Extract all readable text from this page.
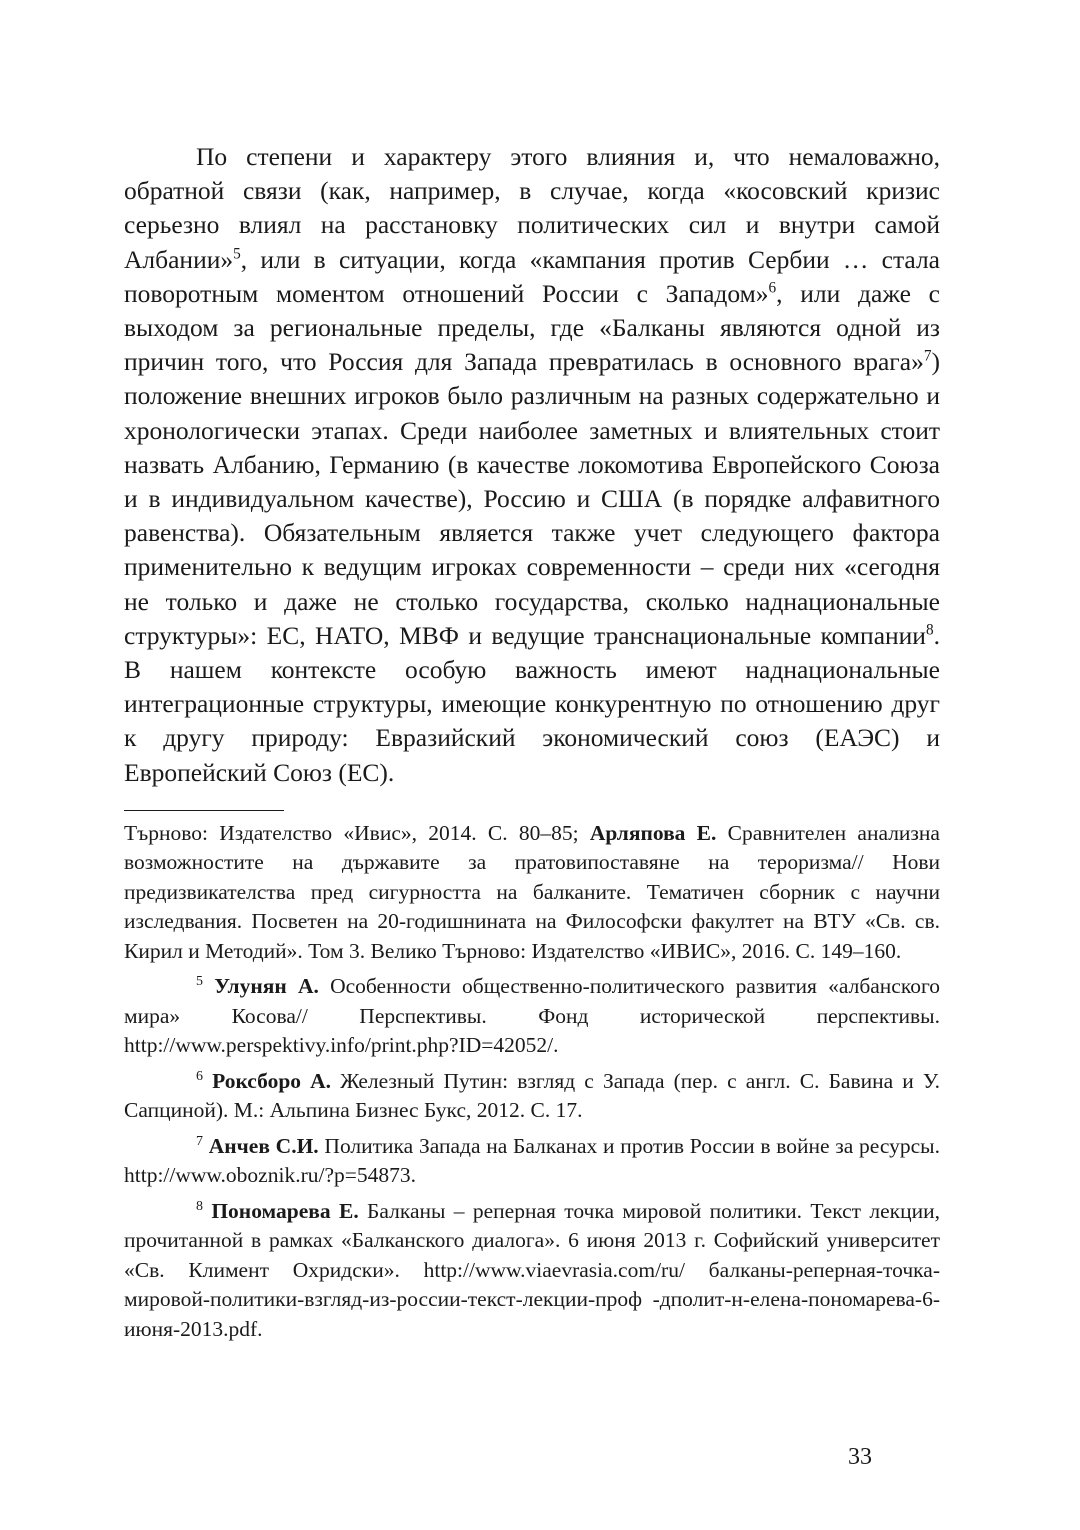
По степени и характеру этого влияния и, что немаловажно, обратной связи (как, например, в случае, когда «косовский кризис серьезно влиял на расстановку политических сил и внутри самой Албании»$^5$, или в ситуации, когда «кампания против Сербии … стала поворотным моментом отношений России с Западом»$^6$, или даже с выходом за региональные пределы, где «Балканы являются одной из причин того, что Россия для Запада превратилась в основного врага»$^7$) положение внешних игроков было различным на разных содержательно и хронологически этапах. Среди наиболее заметных и влиятельных стоит назвать Албанию, Германию (в качестве локомотива Европейского Союза и в индивидуальном качестве), Россию и США (в порядке алфавитного равенства). Обязательным является также учет следующего фактора применительно к ведущим игроках современности – среди них «сегодня не только и даже не столько государства, сколько наднациональные структуры»: ЕС, НАТО, МВФ и ведущие транснациональные компании$^8$. В нашем контексте особую важность имеют наднациональные интеграционные структуры, имеющие конкурентную по отношению друг к другу природу: Евразийский экономический союз (ЕАЭС) и Европейский Союз (ЕС).

Търново: Издателство «Ивис», 2014. С. 80–85; Арляпова Е. Сравнителен анализна возможностите на държавите за пратовипоставяне на тероризма// Нови предизвикателства пред сигурността на балканите. Тематичен сборник с научни изследвания. Посветен на 20-годишнината на Философски факултет на ВТУ «Св. св. Кирил и Методий». Том 3. Велико Търново: Издателство «ИВИС», 2016. С. 149–160.

$^5$ Улунян А. Особенности общественно-политического развития «албанского мира» Косова// Перспективы. Фонд исторической перспективы. http://www.perspektivy.info/print.php?ID=42052/.

$^6$ Роксборо А. Железный Путин: взгляд с Запада (пер. с англ. С. Бавина и У. Сапциной). М.: Альпина Бизнес Букс, 2012. С. 17.

$^7$ Анчев С.И. Политика Запада на Балканах и против России в войне за ресурсы. http://www.oboznik.ru/?p=54873.

$^8$ Пономарева Е. Балканы – реперная точка мировой политики. Текст лекции, прочитанной в рамках «Балканского диалога». 6 июня 2013 г. Софийский университет «Св. Климент Охридски». http://www.viaevrasia.com/ru/ балканы-реперная-точка-мировой-политики-взгляд-из-россии-текст-лекции-проф -дполит-н-елена-пономарева-6-июня-2013.pdf.

33
